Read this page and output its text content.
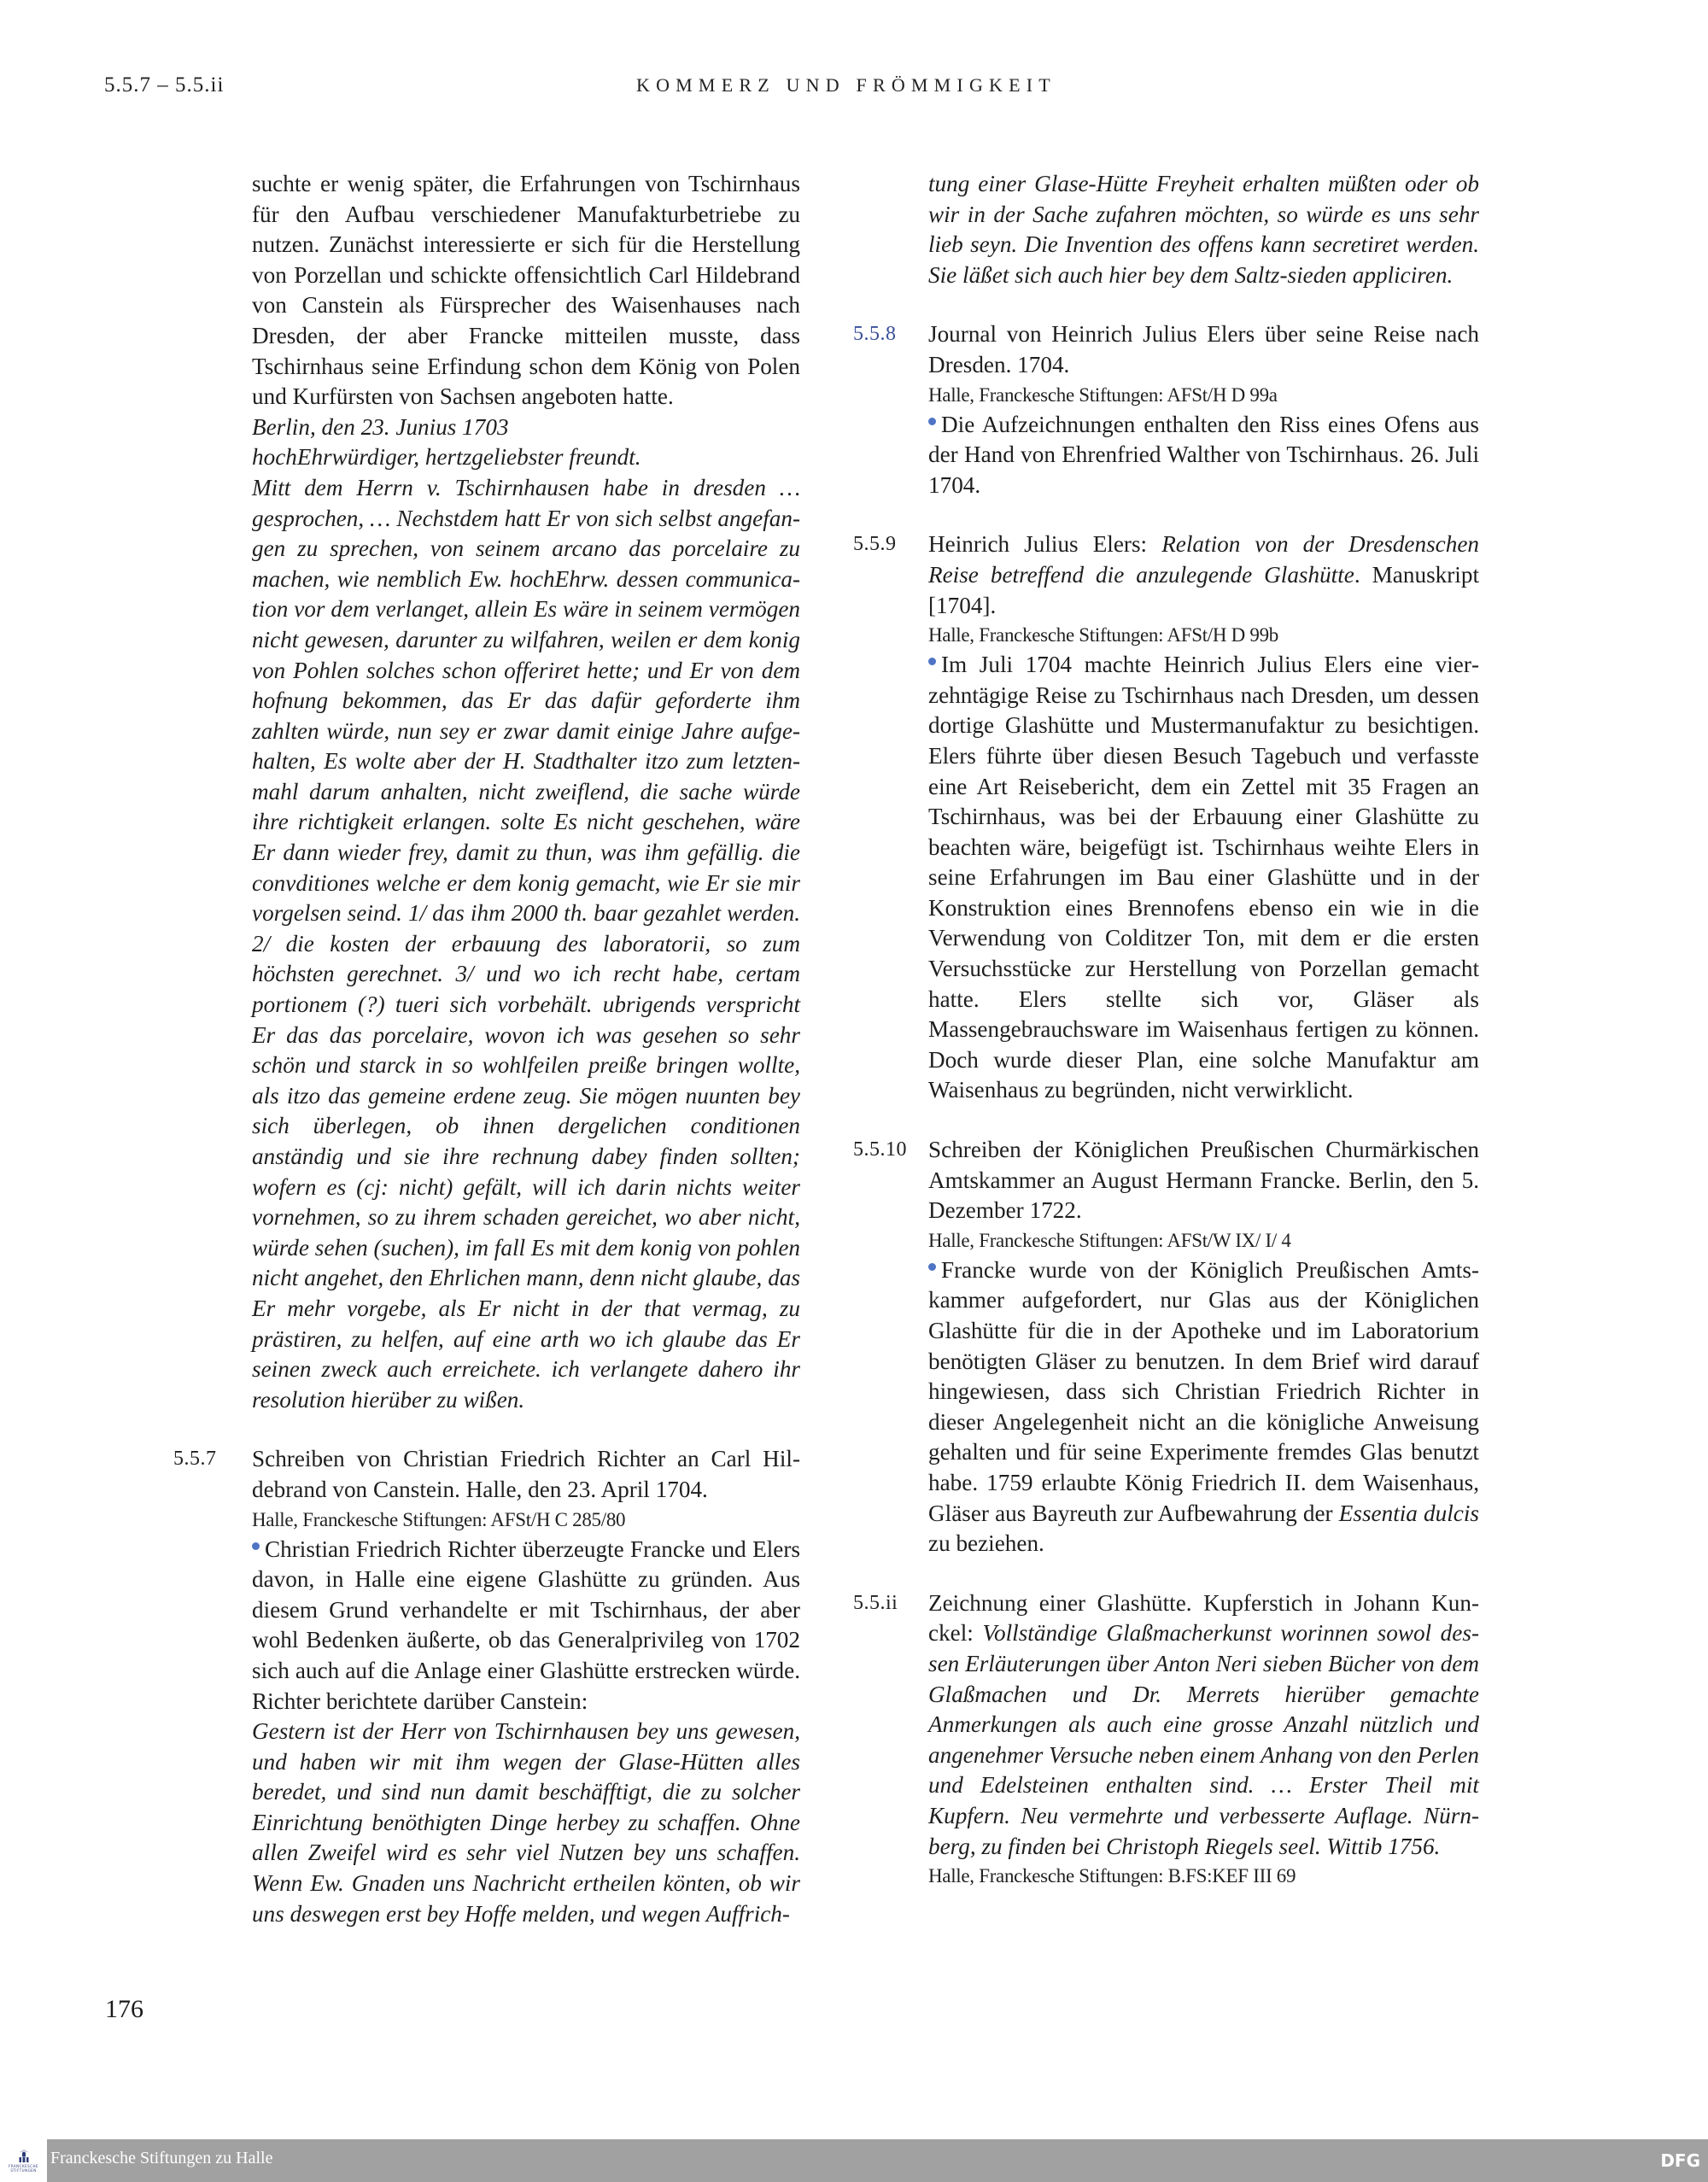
5.5.7 – 5.5.ii	KOMMERZ UND FRÖMMIGKEIT

suchte er wenig später, die Erfahrungen von Tschirnhaus für den Aufbau verschiedener Manufakturbetriebe zu nutzen. Zunächst interessierte er sich für die Herstellung von Porzellan und schickte offensichtlich Carl Hildebrand von Canstein als Fürsprecher des Waisenhauses nach Dresden, der aber Francke mitteilen musste, dass Tschirnhaus seine Erfindung schon dem König von Polen und Kurfürsten von Sachsen angeboten hatte.

Berlin, den 23. Junius 1703

hochEhrwürdiger, hertzgeliebster freundt.

Mitt dem Herrn v. Tschirnhausen habe in dresden … gesprochen, … Nechstdem hatt Er von sich selbst angefangen zu sprechen, von seinem arcano das porcelaire zu machen, wie nemblich Ew. hochEhrw. dessen communication vor dem verlanget, allein Es wäre in seinem vermögen nicht gewesen, darunter zu wilfahren, weilen er dem konig von Pohlen solches schon offeriret hette; und Er von dem hofnung bekommen, das Er das dafür geforderte ihm zahlten würde, nun sey er zwar damit einige Jahre aufgehalten, Es wolte aber der H. Stadthalter itzo zum letztenmahl darum anhalten, nicht zweiflend, die sache würde ihre richtigkeit erlangen. solte Es nicht geschehen, wäre Er dann wieder frey, damit zu thun, was ihm gefällig. die convditiones welche er dem konig gemacht, wie Er sie mir vorgelsen seind. 1/ das ihm 2000 th. baar gezahlet werden. 2/ die kosten der erbauung des laboratorii, so zum höchsten gerechnet. 3/ und wo ich recht habe, certam portionem (?) tueri sich vorbehält. ubrigends verspricht Er das das porcelaire, wovon ich was gesehen so sehr schön und starck in so wohlfeilen preiße bringen wollte, als itzo das gemeine erdene zeug. Sie mögen nuunten bey sich überlegen, ob ihnen dergelichen conditionen anständig und sie ihre rechnung dabey finden sollten; wofern es (cj: nicht) gefält, will ich darin nichts weiter vornehmen, so zu ihrem schaden gereichet, wo aber nicht, würde sehen (suchen), im fall Es mit dem konig von pohlen nicht angehet, den Ehrlichen mann, denn nicht glaube, das Er mehr vorgebe, als Er nicht in der that vermag, zu prästiren, zu helfen, auf eine arth wo ich glaube das Er seinen zweck auch erreichete. ich verlangete dahero ihr resolution hierüber zu wißen.

5.5.7 Schreiben von Christian Friedrich Richter an Carl Hildebrand von Canstein. Halle, den 23. April 1704.

Halle, Franckesche Stiftungen: AFSt/H C 285/80

Christian Friedrich Richter überzeugte Francke und Elers davon, in Halle eine eigene Glashütte zu gründen. Aus diesem Grund verhandelte er mit Tschirnhaus, der aber wohl Bedenken äußerte, ob das Generalprivileg von 1702 sich auch auf die Anlage einer Glashütte erstrecken würde. Richter berichtete darüber Canstein:

Gestern ist der Herr von Tschirnhausen bey uns gewesen, und haben wir mit ihm wegen der Glase-Hütten alles beredet, und sind nun damit beschäfftigt, die zu solcher Einrichtung benöthigten Dinge herbey zu schaffen. Ohne allen Zweifel wird es sehr viel Nutzen bey uns schaffen. Wenn Ew. Gnaden uns Nachricht ertheilen könten, ob wir uns deswegen erst bey Hoffe melden, und wegen Auffrich-

tung einer Glase-Hütte Freyheit erhalten müßten oder ob wir in der Sache zufahren möchten, so würde es uns sehr lieb seyn. Die Invention des offens kann secretiret werden. Sie läßet sich auch hier bey dem Saltz-sieden appliciren.

5.5.8 Journal von Heinrich Julius Elers über seine Reise nach Dresden. 1704.

Halle, Franckesche Stiftungen: AFSt/H D 99a

Die Aufzeichnungen enthalten den Riss eines Ofens aus der Hand von Ehrenfried Walther von Tschirnhaus. 26. Juli 1704.

5.5.9 Heinrich Julius Elers: Relation von der Dresdenschen Reise betreffend die anzulegende Glashütte. Manuskript [1704].

Halle, Franckesche Stiftungen: AFSt/H D 99b

Im Juli 1704 machte Heinrich Julius Elers eine vierzehntägige Reise zu Tschirnhaus nach Dresden, um dessen dortige Glashütte und Mustermanufaktur zu besichtigen. Elers führte über diesen Besuch Tagebuch und verfasste eine Art Reisebericht, dem ein Zettel mit 35 Fragen an Tschirnhaus, was bei der Erbauung einer Glashütte zu beachten wäre, beigefügt ist. Tschirnhaus weihte Elers in seine Erfahrungen im Bau einer Glashütte und in der Konstruktion eines Brennofens ebenso ein wie in die Verwendung von Colditzer Ton, mit dem er die ersten Versuchsstücke zur Herstellung von Porzellan gemacht hatte. Elers stellte sich vor, Gläser als Massengebrauchsware im Waisenhaus fertigen zu können. Doch wurde dieser Plan, eine solche Manufaktur am Waisenhaus zu begründen, nicht verwirklicht.

5.5.10 Schreiben der Königlichen Preußischen Churmärkischen Amtskammer an August Hermann Francke. Berlin, den 5. Dezember 1722.

Halle, Franckesche Stiftungen: AFSt/W IX/ I/ 4

Francke wurde von der Königlich Preußischen Amtskammer aufgefordert, nur Glas aus der Königlichen Glashütte für die in der Apotheke und im Laboratorium benötigten Gläser zu benutzen. In dem Brief wird darauf hingewiesen, dass sich Christian Friedrich Richter in dieser Angelegenheit nicht an die königliche Anweisung gehalten und für seine Experimente fremdes Glas benutzt habe. 1759 erlaubte König Friedrich II. dem Waisenhaus, Gläser aus Bayreuth zur Aufbewahrung der Essentia dulcis zu beziehen.

5.5.ii Zeichnung einer Glashütte. Kupferstich in Johann Kunckel: Vollständige Glaßmacherkunst worinnen sowol dessen Erläuterungen über Anton Neri sieben Bücher von dem Glaßmachen und Dr. Merrets hierüber gemachte Anmerkungen als auch eine grosse Anzahl nützlich und angenehmer Versuche neben einem Anhang von den Perlen und Edelsteinen enthalten sind. … Erster Theil mit Kupfern. Neu vermehrte und verbesserte Auflage. Nürnberg, zu finden bei Christoph Riegels seel. Wittib 1756.

Halle, Franckesche Stiftungen: B.FS:KEF III 69

176
FRANCKESCHE
STIFTUNGEN
Franckesche Stiftungen zu Halle	DFG
